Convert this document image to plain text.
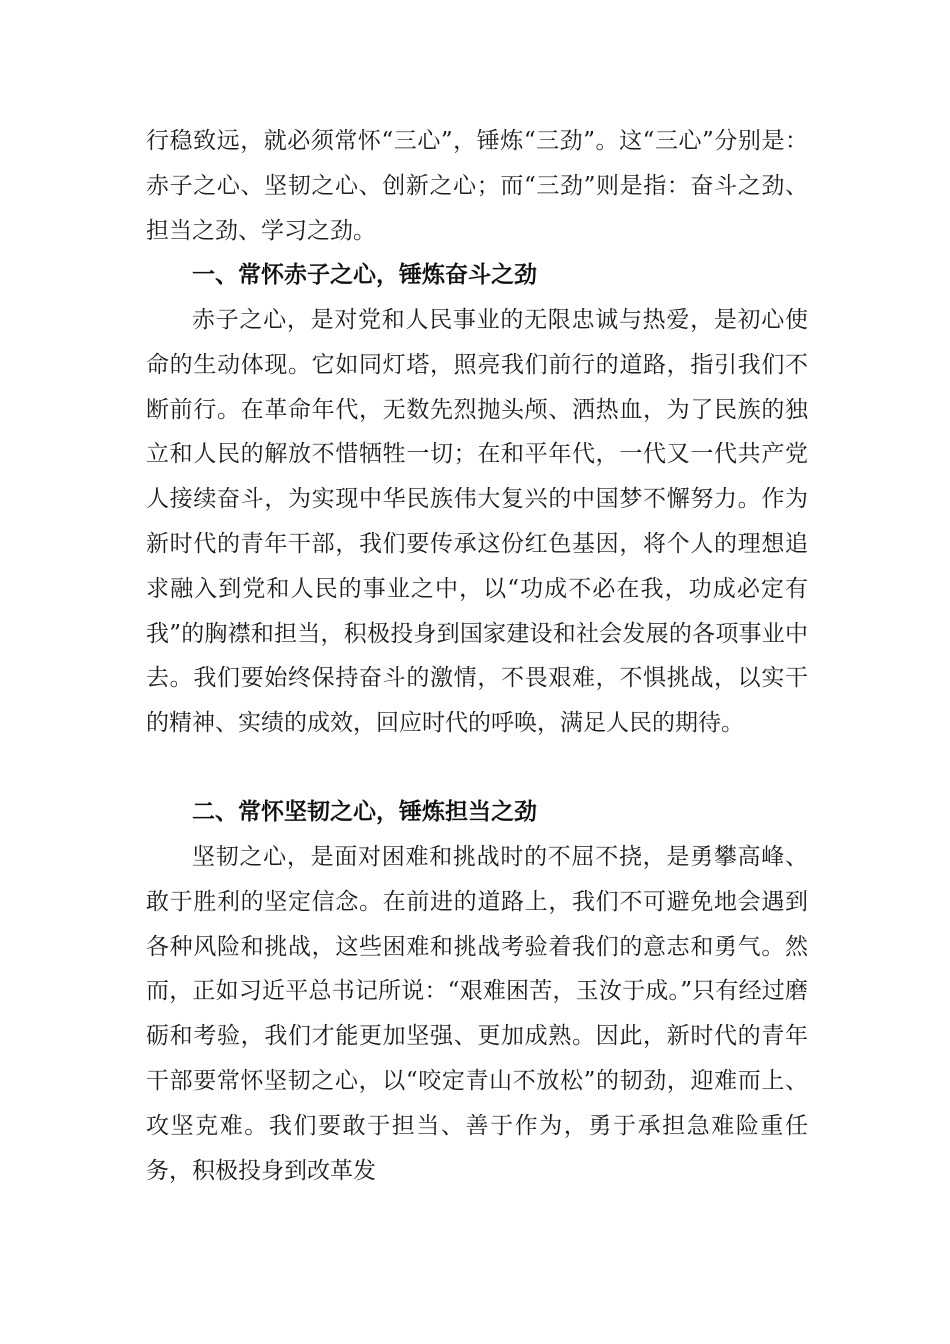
行稳致远，就必须常怀“三心”，锤炼“三劲”。这“三心”分别是：赤子之心、坚韧之心、创新之心；而“三劲”则是指：奋斗之劲、担当之劲、学习之劲。

一、常怀赤子之心，锤炼奋斗之劲

赤子之心，是对党和人民事业的无限忠诚与热爱，是初心使命的生动体现。它如同灯塔，照亮我们前行的道路，指引我们不断前行。在革命年代，无数先烈抛头颅、洒热血，为了民族的独立和人民的解放不惜牺牲一切；在和平年代，一代又一代共产党人接续奋斗，为实现中华民族伟大复兴的中国梦不懈努力。作为新时代的青年干部，我们要传承这份红色基因，将个人的理想追求融入到党和人民的事业之中，以“功成不必在我，功成必定有我”的胸襟和担当，积极投身到国家建设和社会发展的各项事业中去。我们要始终保持奋斗的激情，不畏艰难，不惧挑战，以实干的精神、实绩的成效，回应时代的呼唤，满足人民的期待。

二、常怀坚韧之心，锤炼担当之劲

坚韧之心，是面对困难和挑战时的不屈不挠，是勇攀高峰、敢于胜利的坚定信念。在前进的道路上，我们不可避免地会遇到各种风险和挑战，这些困难和挑战考验着我们的意志和勇气。然而，正如习近平总书记所说：“艰难困苦，玉汝于成。”只有经过磨砺和考验，我们才能更加坚强、更加成熟。因此，新时代的青年干部要常怀坚韧之心，以“咬定青山不放松”的韧劲，迎难而上、攻坚克难。我们要敢于担当、善于作为，勇于承担急难险重任务，积极投身到改革发
